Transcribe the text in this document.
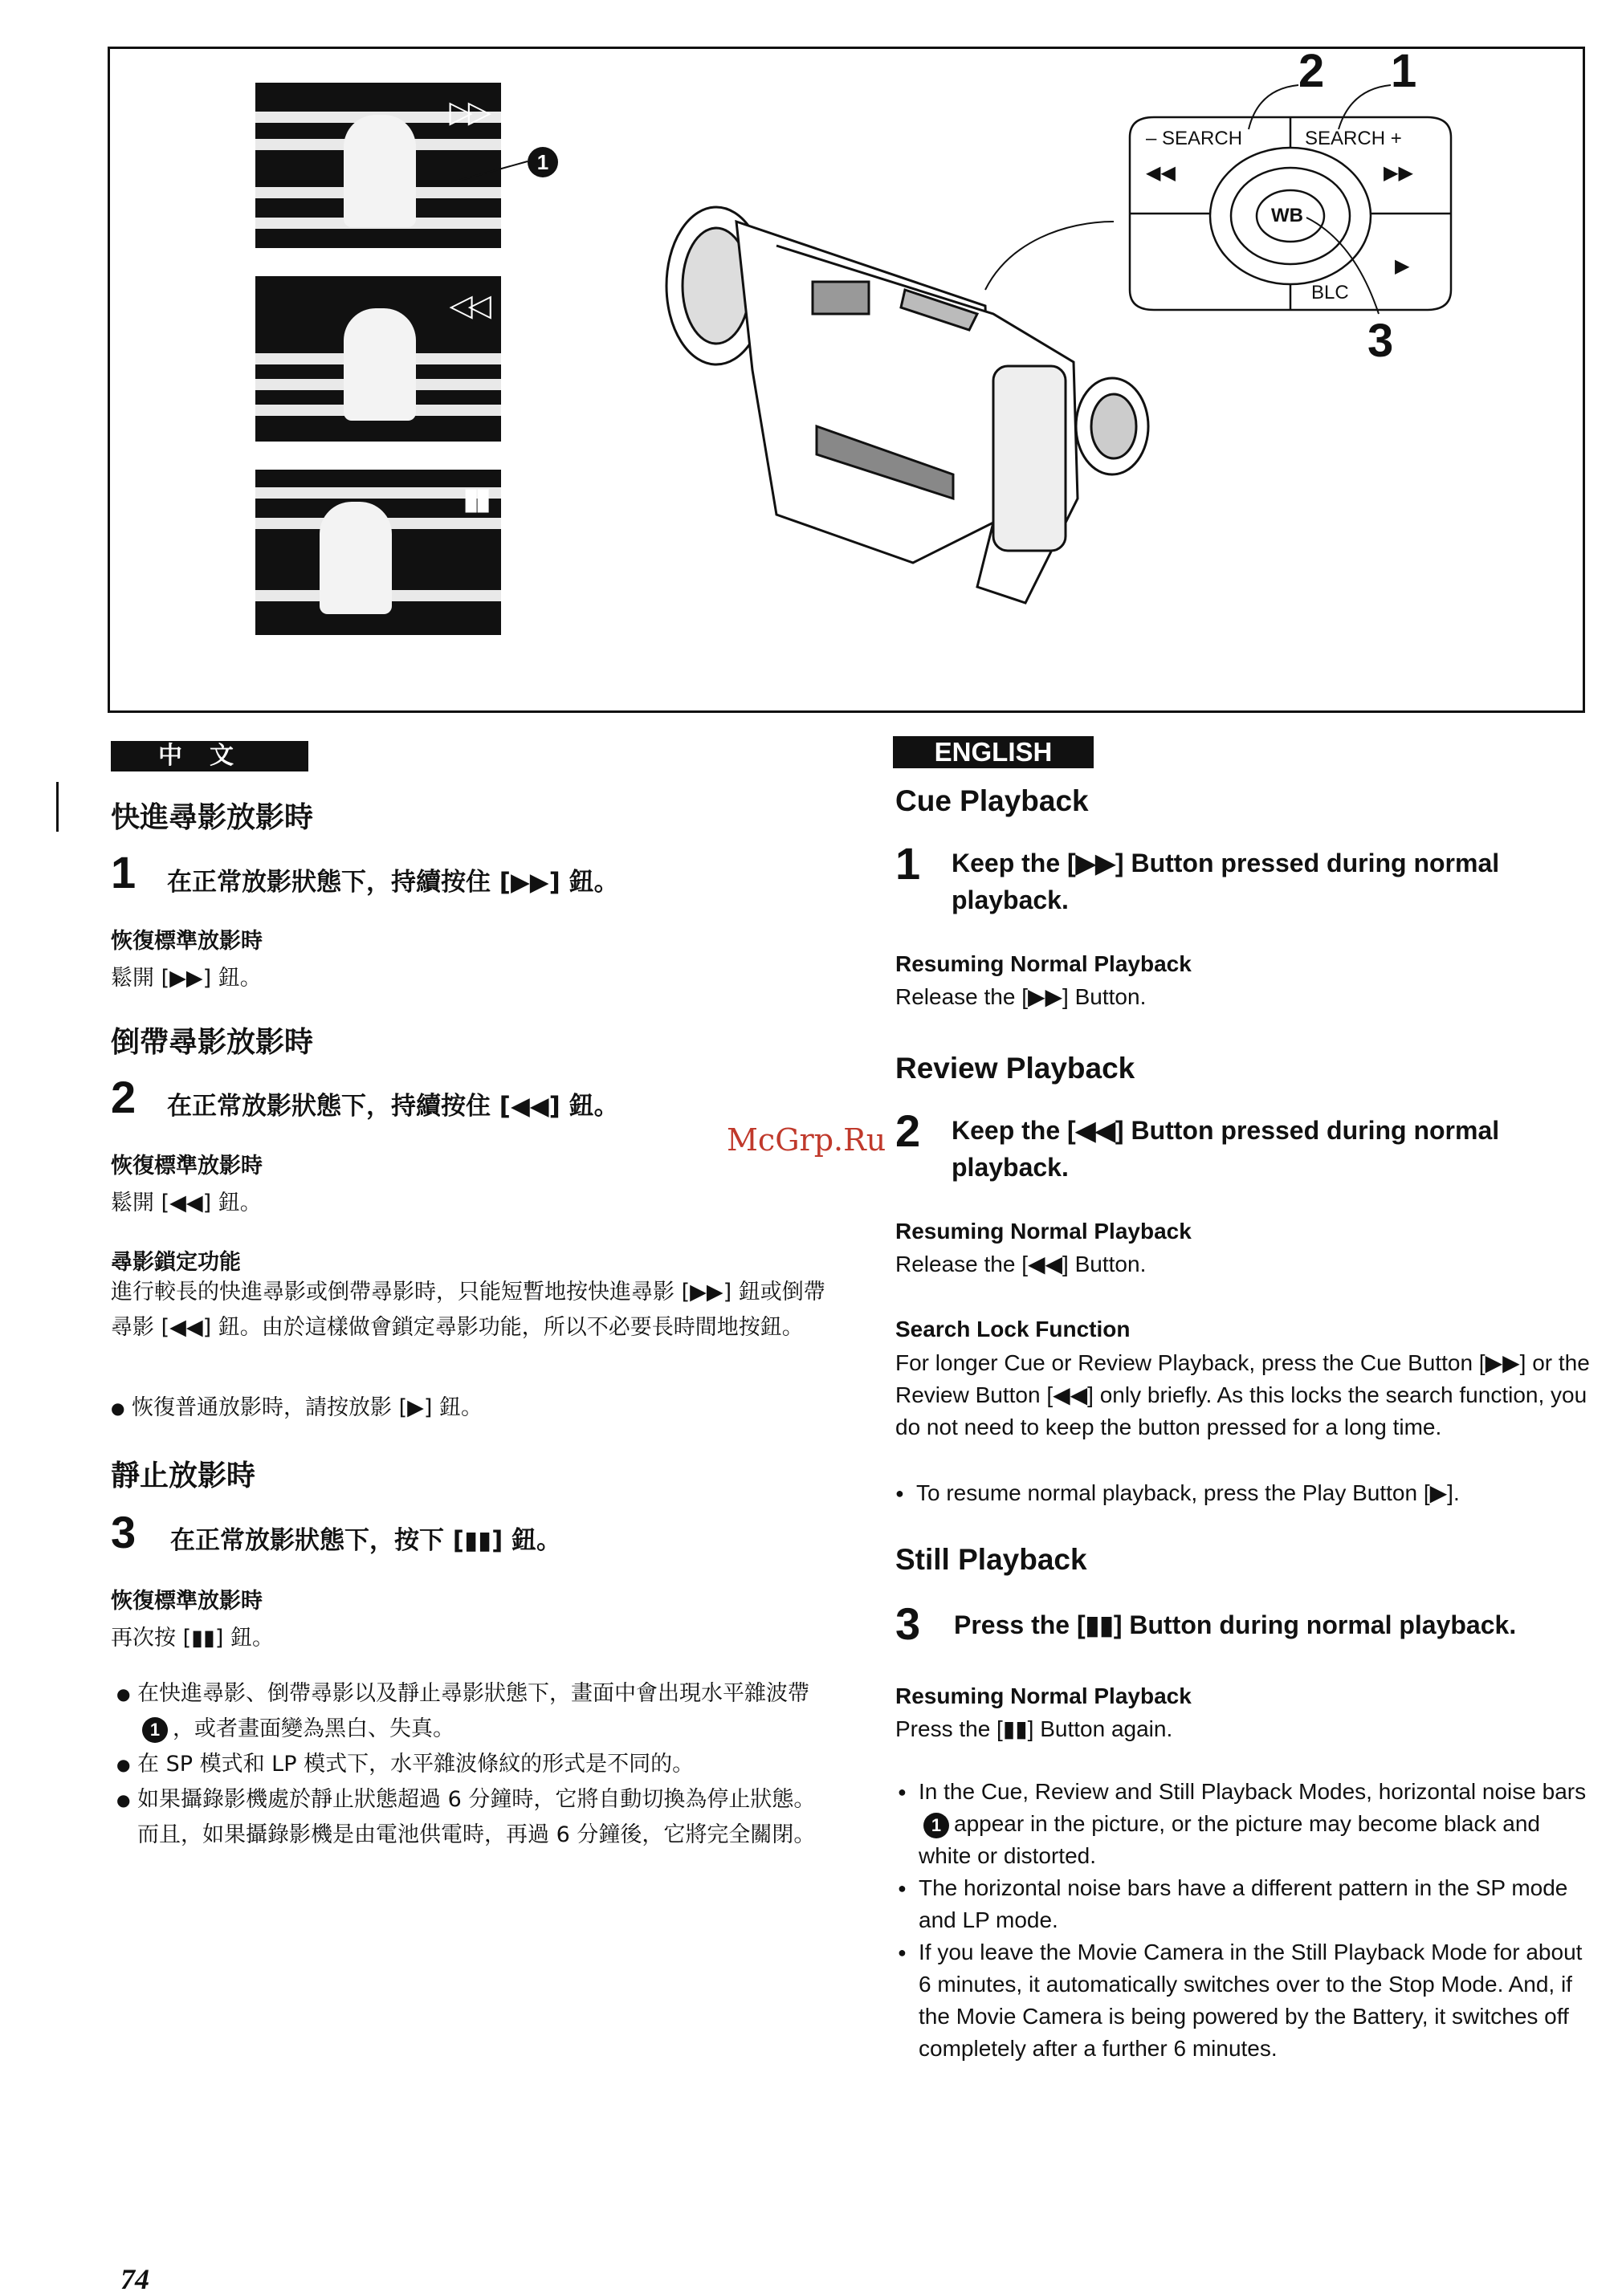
▷▷
◁◁
▮▮
1
2 1
3
– SEARCH	SEARCH +
◀◀	▶▶
WB
▶
BLC
中文	ENGLISH
快進尋影放影時
1 在正常放影狀態下，持續按住 [▶▶] 鈕。
恢復標準放影時
鬆開 [▶▶] 鈕。
倒帶尋影放影時
2 在正常放影狀態下，持續按住 [◀◀] 鈕。
恢復標準放影時
鬆開 [◀◀] 鈕。
尋影鎖定功能
進行較長的快進尋影或倒帶尋影時，只能短暫地按快進尋影 [▶▶] 鈕或倒帶尋影 [◀◀] 鈕。由於這樣做會鎖定尋影功能，所以不必要長時間地按鈕。
● 恢復普通放影時，請按放影 [▶] 鈕。
靜止放影時
3 在正常放影狀態下，按下 [▮▮] 鈕。
恢復標準放影時
再次按 [▮▮] 鈕。
● 在快進尋影、倒帶尋影以及靜止尋影狀態下，畫面中會出現水平雜波帶1 ，或者畫面變為黑白、失真。
● 在 SP 模式和 LP 模式下，水平雜波條紋的形式是不同的。
● 如果攝錄影機處於靜止狀態超過 6 分鐘時，它將自動切換為停止狀態。而且，如果攝錄影機是由電池供電時，再過 6 分鐘後，它將完全關閉。
Cue Playback
1 Keep the [▶▶] Button pressed during normal playback.
Resuming Normal Playback
Release the [▶▶] Button.
Review Playback
2 Keep the [◀◀] Button pressed during normal playback.
Resuming Normal Playback
Release the [◀◀] Button.
Search Lock Function
For longer Cue or Review Playback, press the Cue Button [▶▶] or the Review Button [◀◀] only briefly. As this locks the search function, you do not need to keep the button pressed for a long time.
● To resume normal playback, press the Play Button [▶].
Still Playback
3 Press the [▮▮] Button during normal playback.
Resuming Normal Playback
Press the [▮▮] Button again.
● In the Cue, Review and Still Playback Modes, horizontal noise bars1 appear in the picture, or the picture may become black and white or distorted.
● The horizontal noise bars have a different pattern in the SP mode and LP mode.
● If you leave the Movie Camera in the Still Playback Mode for about 6 minutes, it automatically switches over to the Stop Mode. And, if the Movie Camera is being powered by the Battery, it switches off completely after a further 6 minutes.
McGrp.Ru
74
